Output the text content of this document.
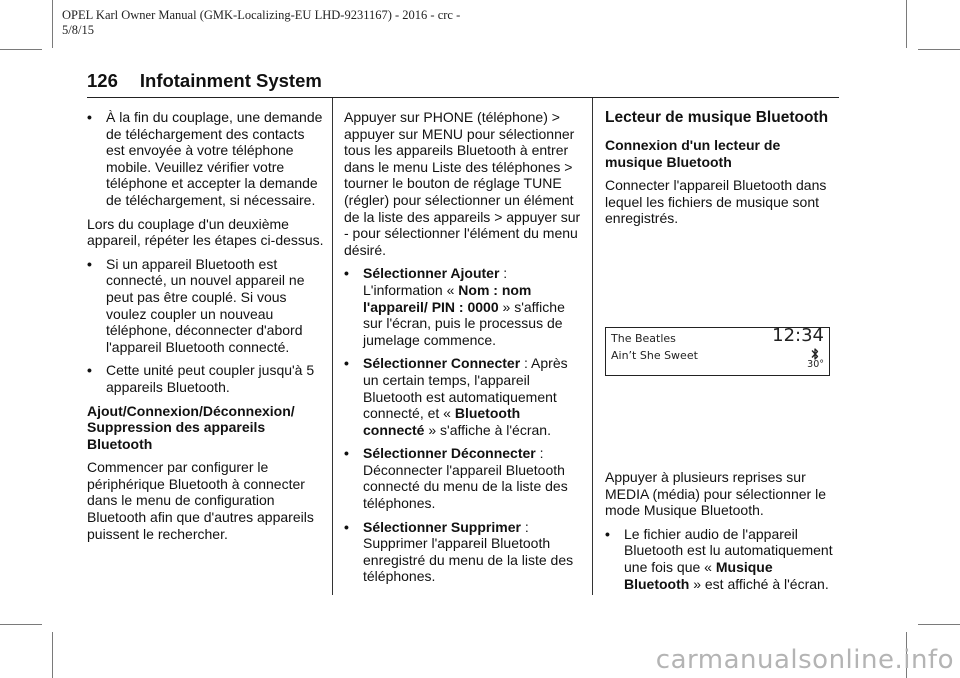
OPEL Karl Owner Manual (GMK-Localizing-EU LHD-9231167) - 2016 - crc -
5/8/15
126 Infotainment System
•	À la fin du couplage, une demande de téléchargement des contacts est envoyée à votre téléphone mobile. Veuillez vérifier votre téléphone et accepter la demande de téléchargement, si nécessaire.

Lors du couplage d'un deuxième appareil, répéter les étapes ci-dessus.

•	Si un appareil Bluetooth est connecté, un nouvel appareil ne peut pas être couplé. Si vous voulez coupler un nouveau téléphone, déconnecter d'abord l'appareil Bluetooth connecté.
•	Cette unité peut coupler jusqu'à 5 appareils Bluetooth.
Ajout/Connexion/Déconnexion/ Suppression des appareils Bluetooth

Commencer par configurer le périphérique Bluetooth à connecter dans le menu de configuration Bluetooth afin que d'autres appareils puissent le rechercher.

Appuyer sur PHONE (téléphone) > appuyer sur MENU pour sélectionner tous les appareils Bluetooth à entrer dans le menu Liste des téléphones > tourner le bouton de réglage TUNE (régler) pour sélectionner un élément de la liste des appareils > appuyer sur - pour sélectionner l'élément du menu désiré.

•	Sélectionner Ajouter : L'information « Nom : nom l'appareil/ PIN : 0000 » s'affiche sur l'écran, puis le processus de jumelage commence.
•	Sélectionner Connecter : Après un certain temps, l'appareil Bluetooth est automatiquement connecté, et « Bluetooth connecté » s'affiche à l'écran.
•	Sélectionner Déconnecter : Déconnecter l'appareil Bluetooth connecté du menu de la liste des téléphones.
•	Sélectionner Supprimer : Supprimer l'appareil Bluetooth enregistré du menu de la liste des téléphones.
Lecteur de musique Bluetooth
Connexion d'un lecteur de musique Bluetooth

Connecter l'appareil Bluetooth dans lequel les fichiers de musique sont enregistrés.

The Beatles
Ain’t She Sweet
12:34
30°

Appuyer à plusieurs reprises sur MEDIA (média) pour sélectionner le mode Musique Bluetooth.

•	Le fichier audio de l'appareil Bluetooth est lu automatiquement une fois que « Musique Bluetooth » est affiché à l'écran.
carmanualsonline.info
